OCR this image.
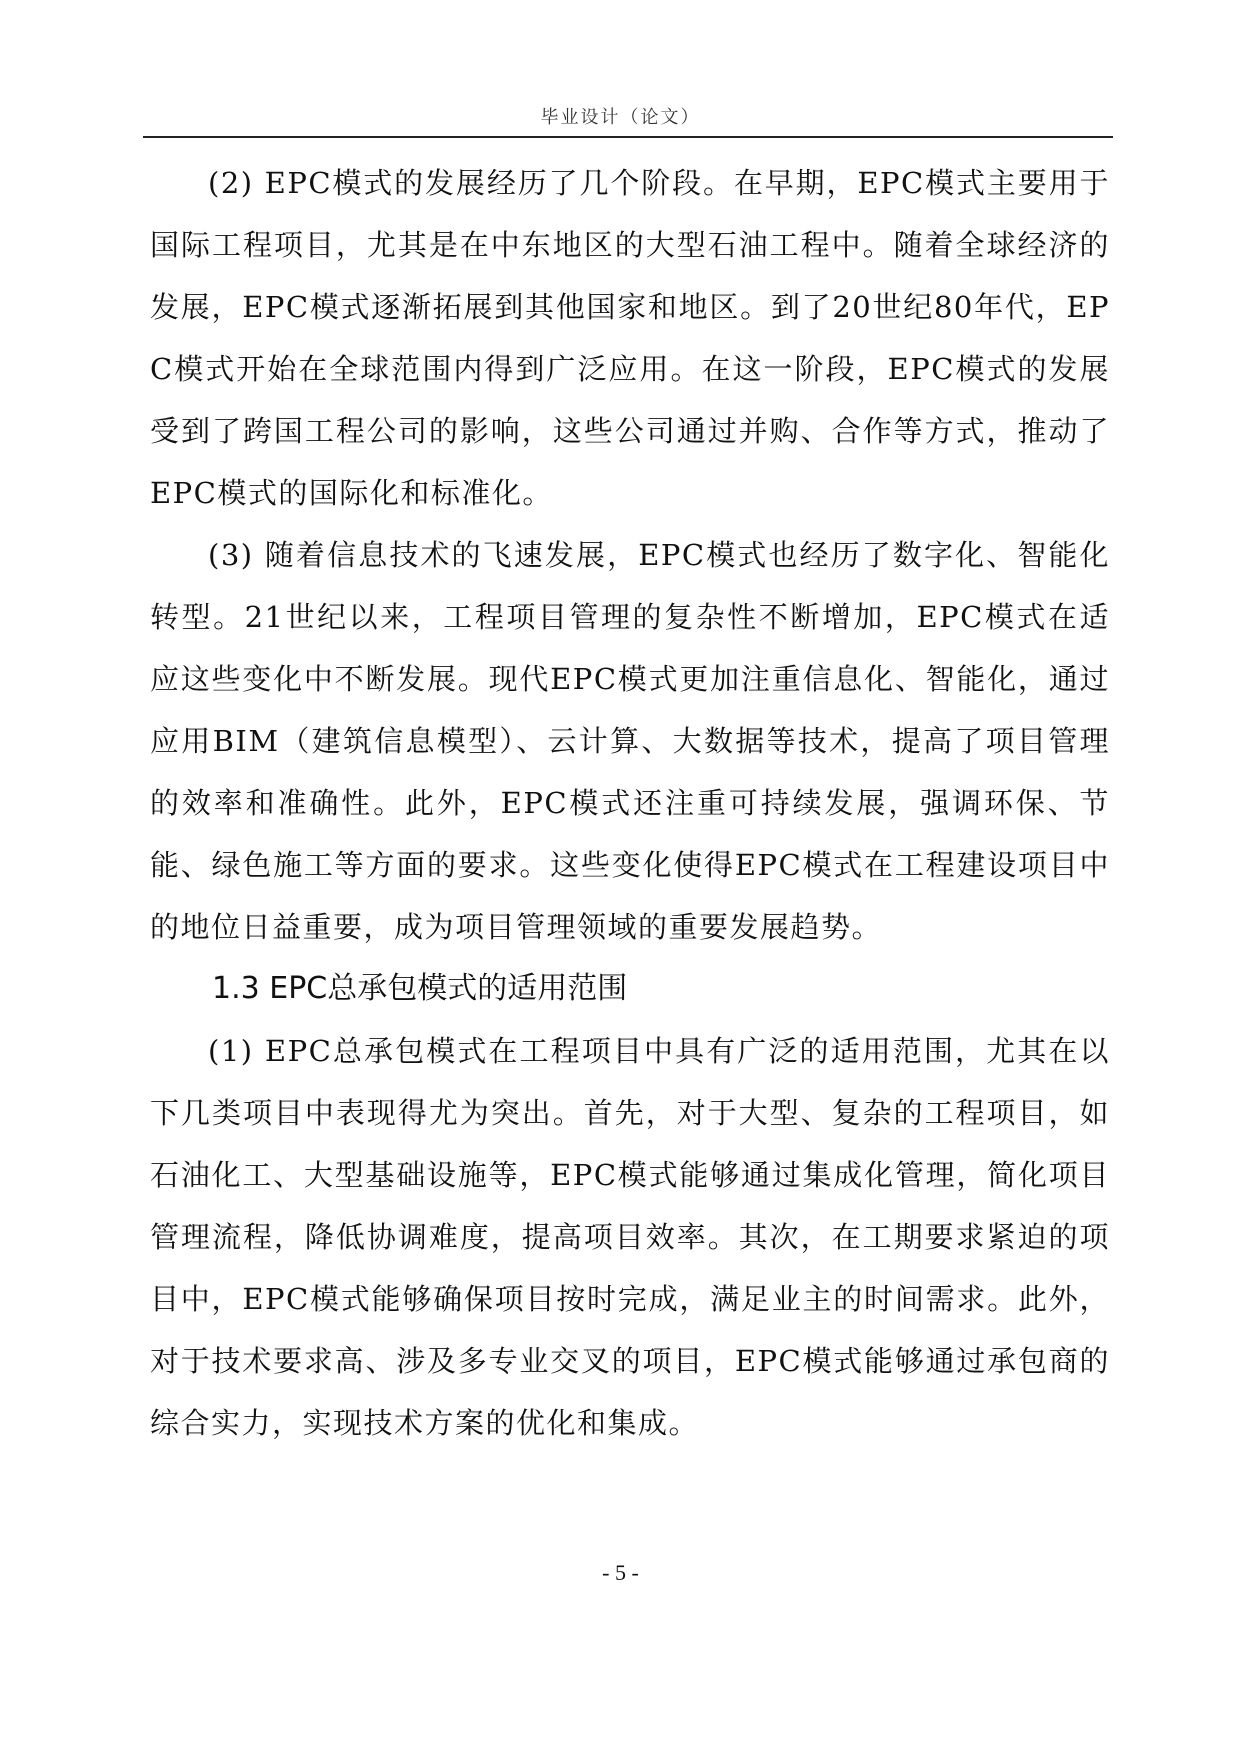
毕业设计（论文）

(2) EPC模式的发展经历了几个阶段。在早期，EPC模式主要用于国际工程项目，尤其是在中东地区的大型石油工程中。随着全球经济的发展，EPC模式逐渐拓展到其他国家和地区。到了20世纪80年代，EPC模式开始在全球范围内得到广泛应用。在这一阶段，EPC模式的发展受到了跨国工程公司的影响，这些公司通过并购、合作等方式，推动了EPC模式的国际化和标准化。

(3) 随着信息技术的飞速发展，EPC模式也经历了数字化、智能化转型。21世纪以来，工程项目管理的复杂性不断增加，EPC模式在适应这些变化中不断发展。现代EPC模式更加注重信息化、智能化，通过应用BIM（建筑信息模型）、云计算、大数据等技术，提高了项目管理的效率和准确性。此外，EPC模式还注重可持续发展，强调环保、节能、绿色施工等方面的要求。这些变化使得EPC模式在工程建设项目中的地位日益重要，成为项目管理领域的重要发展趋势。

1.3 EPC总承包模式的适用范围

(1) EPC总承包模式在工程项目中具有广泛的适用范围，尤其在以下几类项目中表现得尤为突出。首先，对于大型、复杂的工程项目，如石油化工、大型基础设施等，EPC模式能够通过集成化管理，简化项目管理流程，降低协调难度，提高项目效率。其次，在工期要求紧迫的项目中，EPC模式能够确保项目按时完成，满足业主的时间需求。此外，对于技术要求高、涉及多专业交叉的项目，EPC模式能够通过承包商的综合实力，实现技术方案的优化和集成。

- 5 -
